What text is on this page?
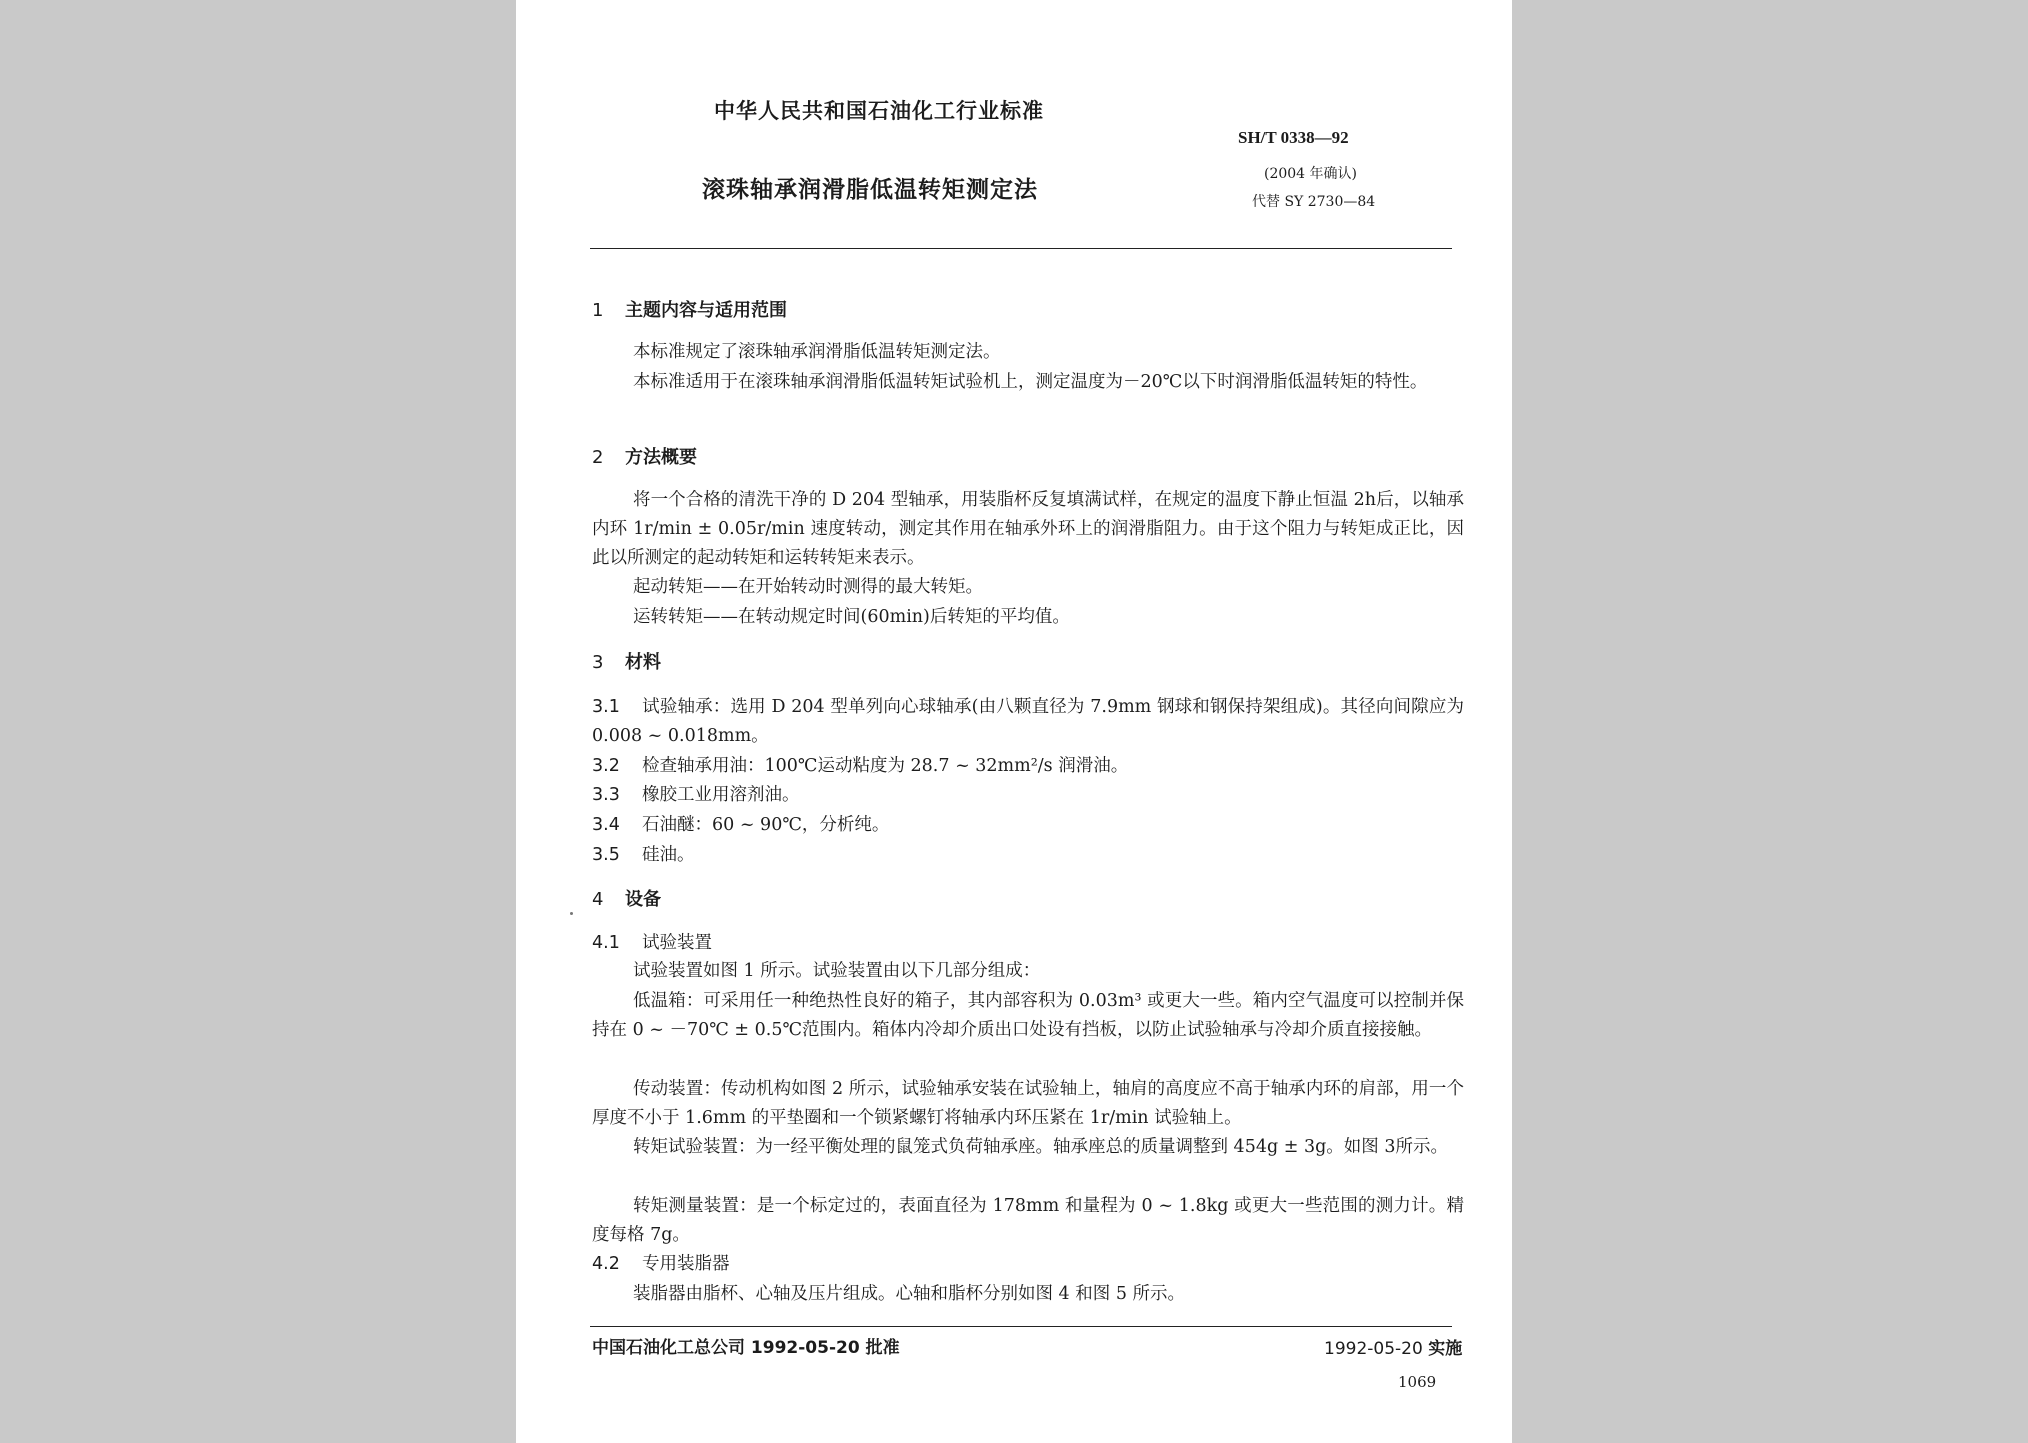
中华人民共和国石油化工行业标准
SH/T 0338—92
滚珠轴承润滑脂低温转矩测定法
(2004 年确认)
代替 SY 2730—84
1 主题内容与适用范围
本标准规定了滚珠轴承润滑脂低温转矩测定法。
本标准适用于在滚珠轴承润滑脂低温转矩试验机上，测定温度为－20℃以下时润滑脂低温转矩的特性。
2 方法概要
将一个合格的清洗干净的 D 204 型轴承，用装脂杯反复填满试样，在规定的温度下静止恒温 2h后，以轴承内环 1r/min ± 0.05r/min 速度转动，测定其作用在轴承外环上的润滑脂阻力。由于这个阻力与转矩成正比，因此以所测定的起动转矩和运转转矩来表示。
起动转矩——在开始转动时测得的最大转矩。
运转转矩——在转动规定时间(60min)后转矩的平均值。
3 材料
3.1 试验轴承：选用 D 204 型单列向心球轴承(由八颗直径为 7.9mm 钢球和钢保持架组成)。其径向间隙应为 0.008 ~ 0.018mm。
3.2 检查轴承用油：100℃运动粘度为 28.7 ~ 32mm²/s 润滑油。
3.3 橡胶工业用溶剂油。
3.4 石油醚：60 ~ 90℃，分析纯。
3.5 硅油。
4 设备
4.1 试验装置
试验装置如图 1 所示。试验装置由以下几部分组成：
低温箱：可采用任一种绝热性良好的箱子，其内部容积为 0.03m³ 或更大一些。箱内空气温度可以控制并保持在 0 ~ －70℃ ± 0.5℃范围内。箱体内冷却介质出口处设有挡板，以防止试验轴承与冷却介质直接接触。
传动装置：传动机构如图 2 所示，试验轴承安装在试验轴上，轴肩的高度应不高于轴承内环的肩部，用一个厚度不小于 1.6mm 的平垫圈和一个锁紧螺钉将轴承内环压紧在 1r/min 试验轴上。
转矩试验装置：为一经平衡处理的鼠笼式负荷轴承座。轴承座总的质量调整到 454g ± 3g。如图 3所示。
转矩测量装置：是一个标定过的，表面直径为 178mm 和量程为 0 ~ 1.8kg 或更大一些范围的测力计。精度每格 7g。
4.2 专用装脂器
装脂器由脂杯、心轴及压片组成。心轴和脂杯分别如图 4 和图 5 所示。
中国石油化工总公司 1992-05-20 批准	1992-05-20 实施
1069
